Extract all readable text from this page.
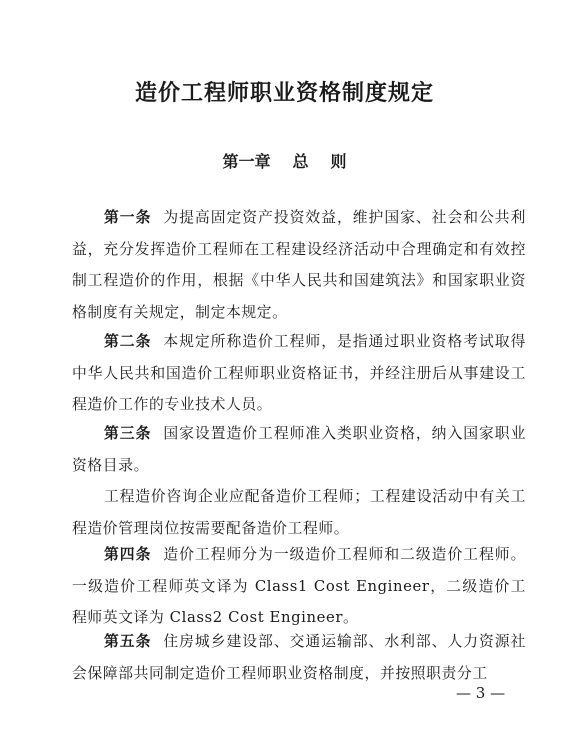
造价工程师职业资格制度规定
第一章 总 则
第一条 为提高固定资产投资效益，维护国家、社会和公共利益，充分发挥造价工程师在工程建设经济活动中合理确定和有效控制工程造价的作用，根据《中华人民共和国建筑法》和国家职业资格制度有关规定，制定本规定。
第二条 本规定所称造价工程师，是指通过职业资格考试取得中华人民共和国造价工程师职业资格证书，并经注册后从事建设工程造价工作的专业技术人员。
第三条 国家设置造价工程师准入类职业资格，纳入国家职业资格目录。
工程造价咨询企业应配备造价工程师；工程建设活动中有关工程造价管理岗位按需要配备造价工程师。
第四条 造价工程师分为一级造价工程师和二级造价工程师。一级造价工程师英文译为 Class1 Cost Engineer，二级造价工程师英文译为 Class2 Cost Engineer。
第五条 住房城乡建设部、交通运输部、水利部、人力资源社会保障部共同制定造价工程师职业资格制度，并按照职责分工
— 3 —
